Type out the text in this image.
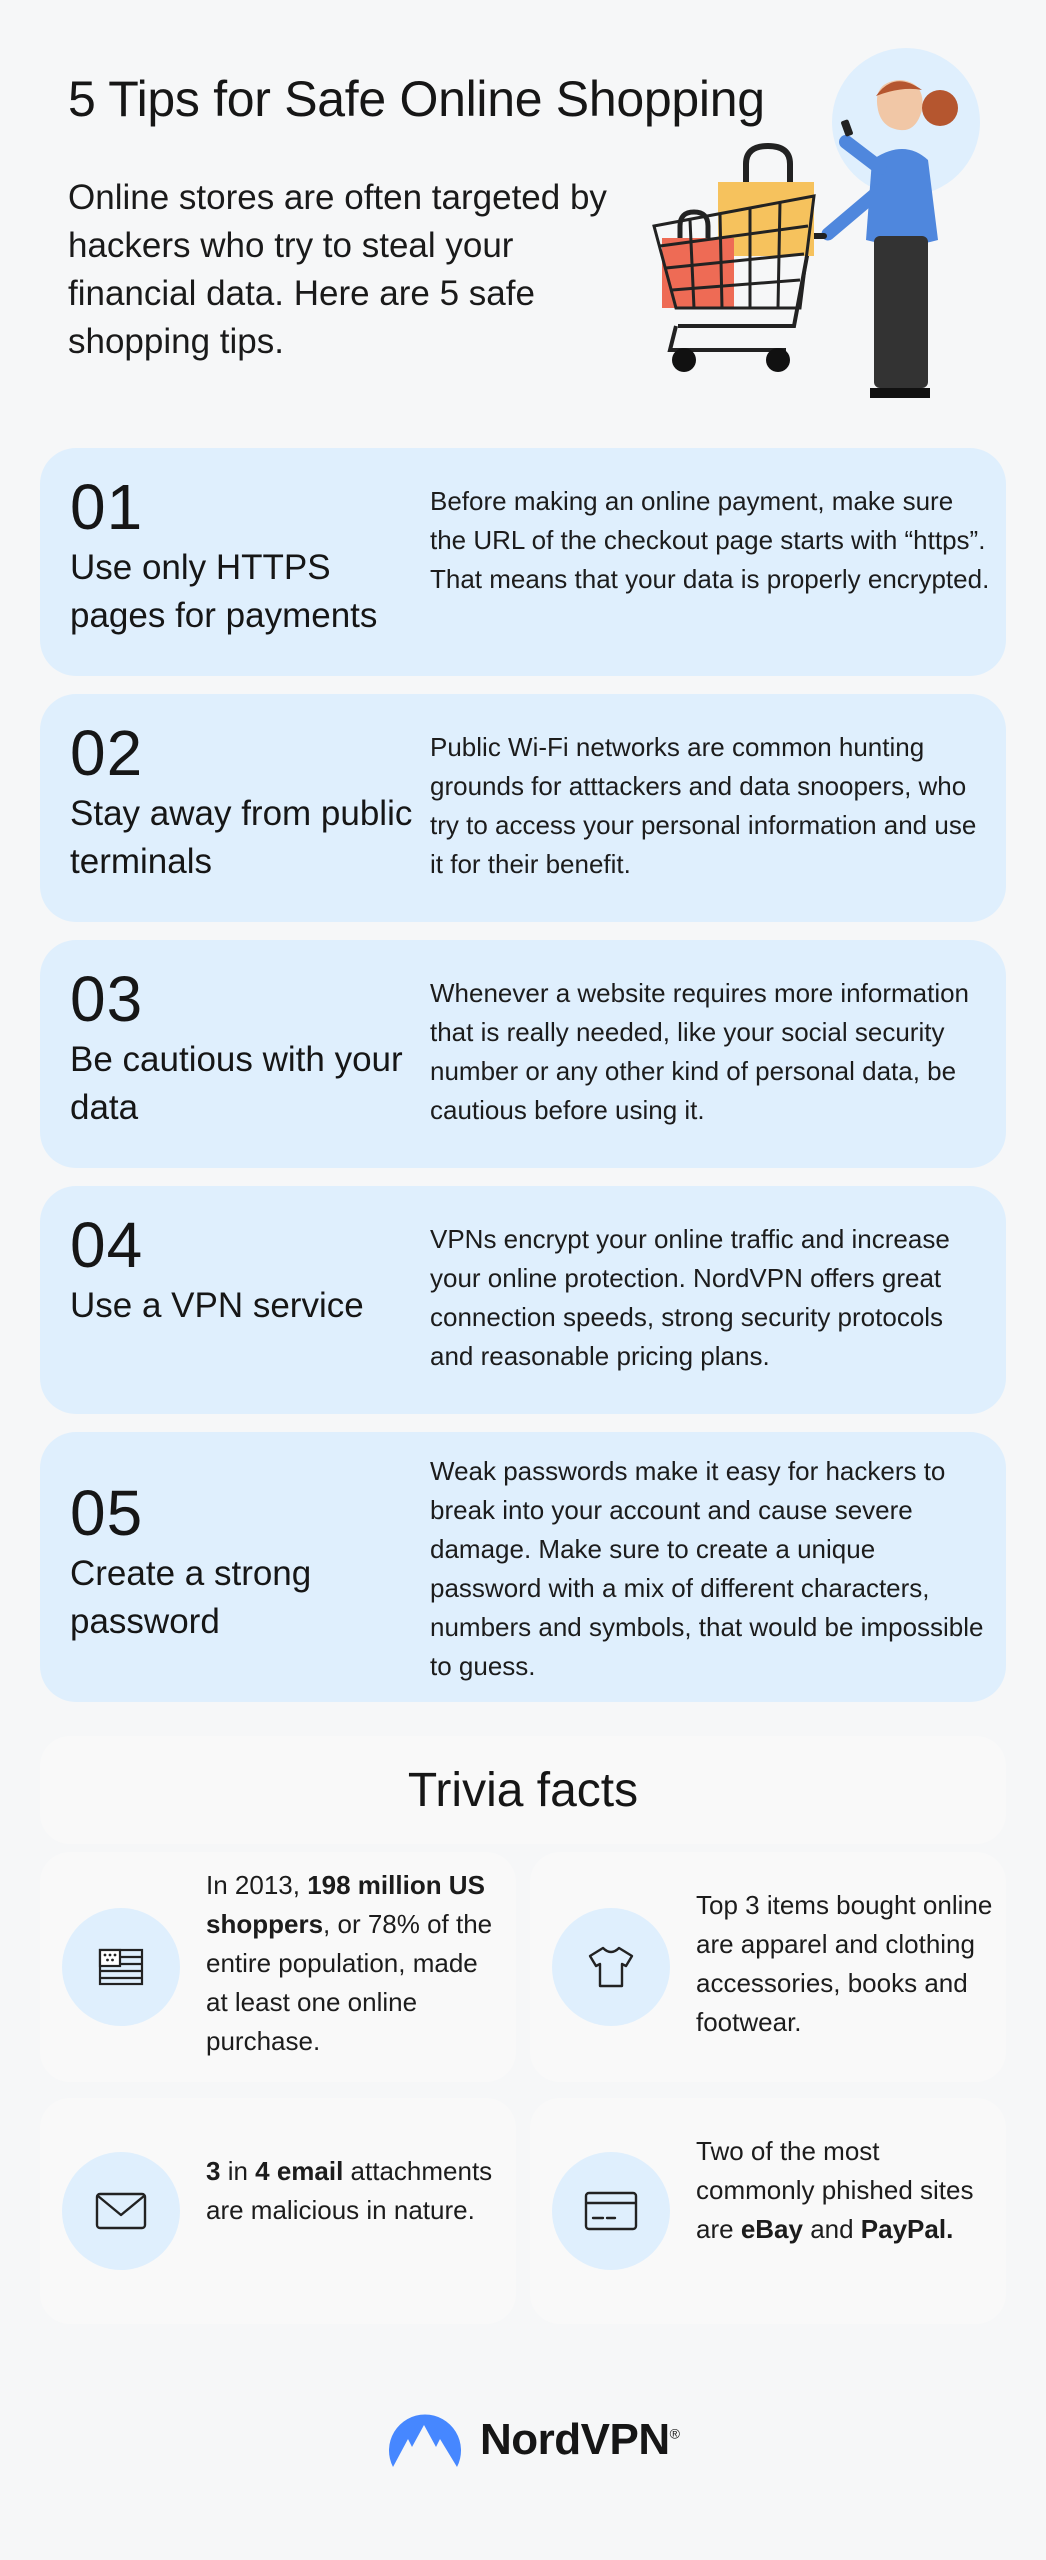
5 Tips for Safe Online Shopping

Online stores are often targeted by hackers who try to steal your financial data. Here are 5 safe shopping tips.

01
Use only HTTPS pages for payments
Before making an online payment, make sure the URL of the checkout page starts with “https”. That means that your data is properly encrypted.
02
Stay away from public terminals
Public Wi-Fi networks are common hunting grounds for atttackers and data snoopers, who try to access your personal information and use it for their benefit.
03
Be cautious with your data
Whenever a website requires more information that is really needed, like your social security number or any other kind of personal data, be cautious before using it.
04
Use a VPN service
VPNs encrypt your online traffic and increase your online protection. NordVPN offers great connection speeds, strong security protocols and reasonable pricing plans.
05
Create a strong password
Weak passwords make it easy for hackers to break into your account and cause severe damage. Make sure to create a unique password with a mix of different characters, numbers and symbols, that would be impossible to guess.
Trivia facts

In 2013, 198 million US shoppers, or 78% of the entire population, made at least one online purchase.

Top 3 items bought online are apparel and clothing accessories, books and footwear.

3 in 4 email attachments are malicious in nature.

Two of the most commonly phished sites are eBay and PayPal.

NordVPN®
